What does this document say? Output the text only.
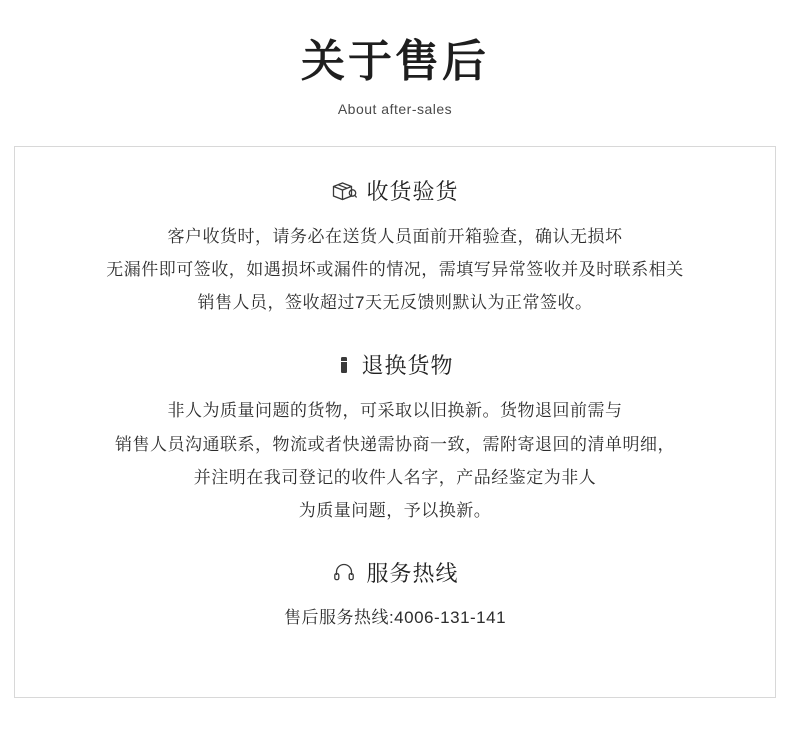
关于售后
About after-sales
收货验货
客户收货时，请务必在送货人员面前开箱验查，确认无损坏
无漏件即可签收，如遇损坏或漏件的情况，需填写异常签收并及时联系相关
销售人员，签收超过7天无反馈则默认为正常签收。
退换货物
非人为质量问题的货物，可采取以旧换新。货物退回前需与
销售人员沟通联系，物流或者快递需协商一致，需附寄退回的清单明细，
并注明在我司登记的收件人名字，产品经鉴定为非人
为质量问题，予以换新。
服务热线
售后服务热线:4006-131-141
